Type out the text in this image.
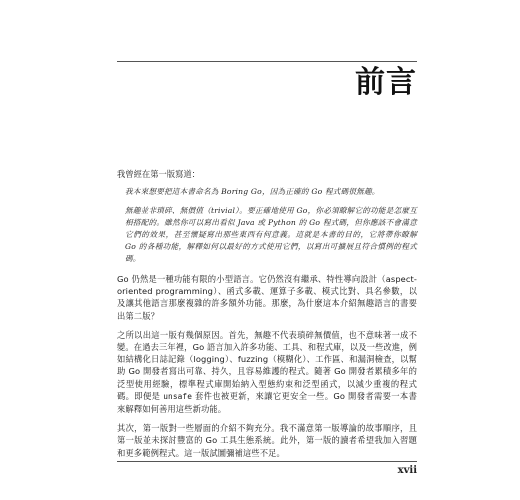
前言

我曾經在第一版寫道：

我本來想要把這本書命名為 Boring Go，因為正確的 Go 程式碼很無趣。

無趣並非瑣碎、無價值（trivial）。要正確地使用 Go，你必須瞭解它的功能是怎麼互相搭配的。雖然你可以寫出看似 Java 或 Python 的 Go 程式碼，但你應該不會滿意它們的效果，甚至懷疑寫出那些東西有何意義。這就是本書的目的，它將帶你瞭解 Go 的各種功能，解釋如何以最好的方式使用它們，以寫出可擴展且符合慣例的程式碼。

Go 仍然是一種功能有限的小型語言。它仍然沒有繼承、特性導向設計（aspect-oriented programming）、函式多載、運算子多載、模式比對、具名參數，以及讓其他語言那麼複雜的許多額外功能。那麼，為什麼這本介紹無趣語言的書要出第二版？

之所以出這一版有幾個原因。首先，無趣不代表瑣碎無價值，也不意味著一成不變。在過去三年裡，Go 語言加入許多功能、工具、和程式庫，以及一些改進，例如結構化日誌記錄（logging）、fuzzing（模糊化）、工作區、和漏洞檢查，以幫助 Go 開發者寫出可靠、持久，且容易維護的程式。隨著 Go 開發者累積多年的泛型使用經驗，標準程式庫開始納入型態約束和泛型函式，以減少重複的程式碼。即便是 unsafe 套件也被更新，來讓它更安全一些。Go 開發者需要一本書來解釋如何善用這些新功能。

其次，第一版對一些層面的介紹不夠充分。我不滿意第一版導論的故事順序，且第一版並未探討豐富的 Go 工具生態系統。此外，第一版的讀者希望我加入習題和更多範例程式。這一版試圖彌補這些不足。

xvii
